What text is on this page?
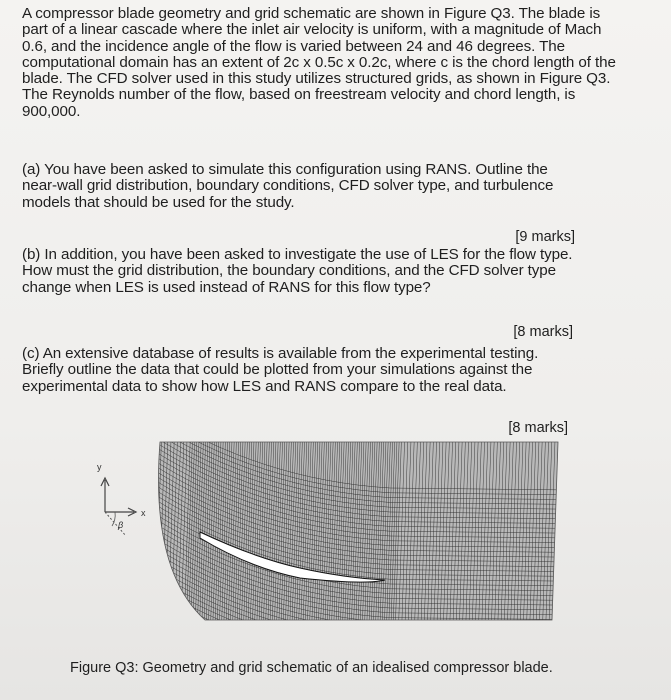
A compressor blade geometry and grid schematic are shown in Figure Q3. The blade is part of a linear cascade where the inlet air velocity is uniform, with a magnitude of Mach 0.6, and the incidence angle of the flow is varied between 24 and 46 degrees. The computational domain has an extent of 2c x 0.5c x 0.2c, where c is the chord length of the blade. The CFD solver used in this study utilizes structured grids, as shown in Figure Q3. The Reynolds number of the flow, based on freestream velocity and chord length, is 900,000.
(a) You have been asked to simulate this configuration using RANS. Outline the near-wall grid distribution, boundary conditions, CFD solver type, and turbulence models that should be used for the study.
[9 marks]
(b) In addition, you have been asked to investigate the use of LES for the flow type. How must the grid distribution, the boundary conditions, and the CFD solver type change when LES is used instead of RANS for this flow type?
[8 marks]
(c) An extensive database of results is available from the experimental testing. Briefly outline the data that could be plotted from your simulations against the experimental data to show how LES and RANS compare to the real data.
[8 marks]
y
x
β
Figure Q3: Geometry and grid schematic of an idealised compressor blade.
